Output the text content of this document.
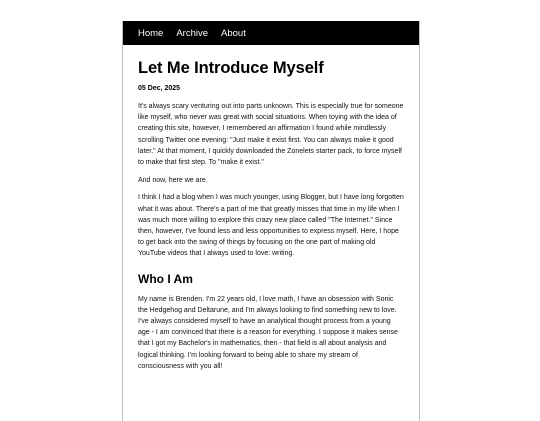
Home Archive About
Let Me Introduce Myself
05 Dec, 2025

It's always scary venturing out into parts unknown. This is especially true for someone like myself, who never was great with social situations. When toying with the idea of creating this site, however, I remembered an affirmation I found while mindlessly scrolling Twitter one evening: "Just make it exist first. You can always make it good later." At that moment, I quickly downloaded the Zonelets starter pack, to force myself to make that first step. To "make it exist."

And now, here we are.

I think I had a blog when I was much younger, using Blogger, but I have long forgotten what it was about. There's a part of me that greatly misses that time in my life when I was much more willing to explore this crazy new place called "The Internet." Since then, however, I've found less and less opportunities to express myself. Here, I hope to get back into the swing of things by focusing on the one part of making old YouTube videos that I always used to love: writing.

Who I Am

My name is Brenden. I'm 22 years old, I love math, I have an obsession with Sonic the Hedgehog and Deltarune, and I'm always looking to find something new to love. I've always considered myself to have an analytical thought process from a young age - I am convinced that there is a reason for everything. I suppose it makes sense that I got my Bachelor's in mathematics, then - that field is all about analysis and logical thinking. I'm looking forward to being able to share my stream of consciousness with you all!
